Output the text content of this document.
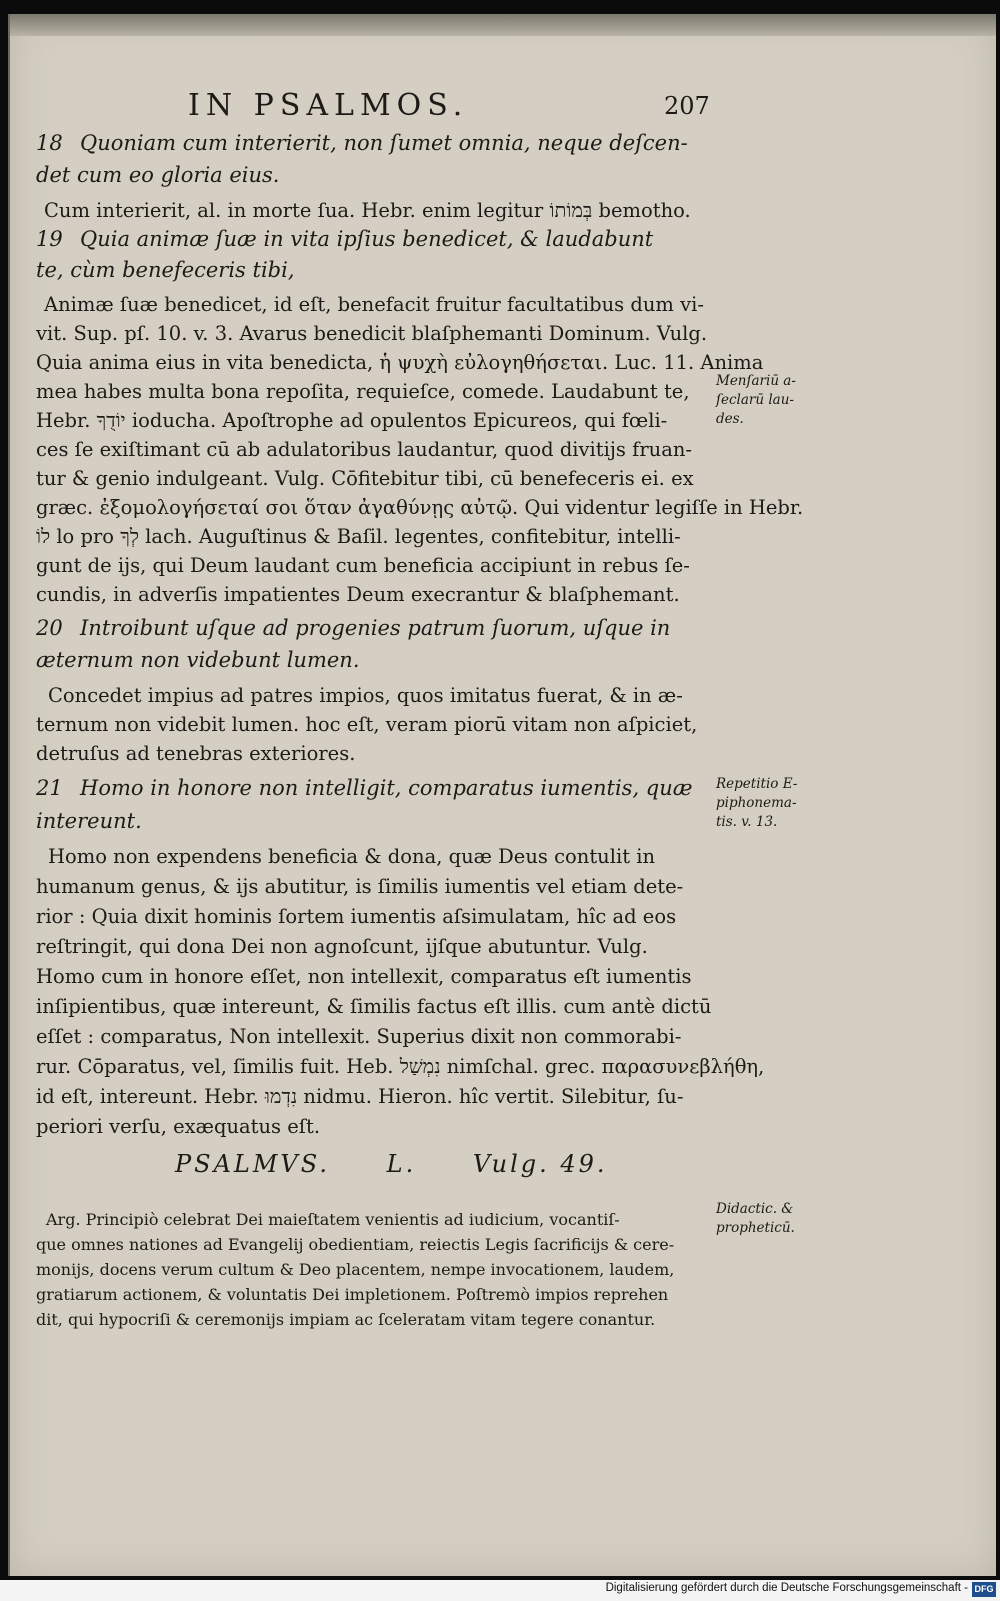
IN PSALMOS.	207
18 Quoniam cum interierit, non ſumet omnia, neque deſcen-
det cum eo gloria eius.
Cum interierit, al. in morte ſua. Hebr. enim legitur בְּמוֹתוֹ bemotho.
19 Quia animæ ſuæ in vita ipſius benedicet, & laudabunt
te, cùm benefeceris tibi,
Animæ ſuæ benedicet, id eſt, benefacit fruitur facultatibus dum vi-
vit. Sup. pſ. 10. v. 3. Avarus benedicit blaſphemanti Dominum. Vulg.
Quia anima eius in vita benedicta, ἡ ψυχὴ εὐλογηθήσεται. Luc. 11. Anima
mea habes multa bona repoſita, requieſce, comede. Laudabunt te,
Hebr. יוֹדֻךָ ioducha. Apoſtrophe ad opulentos Epicureos, qui fœli-
ces ſe exiſtimant cū ab adulatoribus laudantur, quod divitijs fruan-
tur & genio indulgeant. Vulg. Cōfitebitur tibi, cū benefeceris ei. ex
græc. ἐξομολογήσεταί σοι ὅταν ἀγαθύνῃς αὐτῷ. Qui videntur legiſſe in Hebr.
לוֹ lo pro לְךָ lach. Auguſtinus & Baſil. legentes, confitebitur, intelli-
gunt de ijs, qui Deum laudant cum beneficia accipiunt in rebus ſe-
cundis, in adverſis impatientes Deum execrantur & blaſphemant.
20 Introibunt uſque ad progenies patrum ſuorum, uſque in
æternum non videbunt lumen.
Concedet impius ad patres impios, quos imitatus fuerat, & in æ-
ternum non videbit lumen. hoc eſt, veram piorū vitam non aſpiciet,
detruſus ad tenebras exteriores.
21 Homo in honore non intelligit, comparatus iumentis, quæ
intereunt.
Homo non expendens beneficia & dona, quæ Deus contulit in
humanum genus, & ijs abutitur, is ſimilis iumentis vel etiam dete-
rior : Quia dixit hominis ſortem iumentis aſsimulatam, hîc ad eos
reſtringit, qui dona Dei non agnoſcunt, ijſque abutuntur. Vulg.
Homo cum in honore eſſet, non intellexit, comparatus eſt iumentis
inſipientibus, quæ intereunt, & ſimilis factus eſt illis. cum antè dictū
eſſet : comparatus, Non intellexit. Superius dixit non commorabi-
rur. Cōparatus, vel, ſimilis fuit. Heb. נִמְשַׁל nimſchal. grec. παρασυνεβλήθη,
id eſt, intereunt. Hebr. נִדְמוּ nidmu. Hieron. hîc vertit. Silebitur, ſu-
periori verſu, exæquatus eſt.
Arg. Principiò celebrat Dei maieſtatem venientis ad iudicium, vocantiſ-
que omnes nationes ad Evangelij obedientiam, reiectis Legis ſacrificijs & cere-
monijs, docens verum cultum & Deo placentem, nempe invocationem, laudem,
gratiarum actionem, & voluntatis Dei impletionem. Poſtremò impios reprehen
dit, qui hypocriſi & ceremonijs impiam ac ſceleratam vitam tegere conantur.
PSALMVS. L. Vulg. 49.
Menſariū a-
ſeclarū lau-
des.
Repetitio E-
piphonema-
tis. v. 13.
Didactic. &
propheticū.
Digitalisierung gefördert durch die Deutsche Forschungsgemeinschaft - DFG
